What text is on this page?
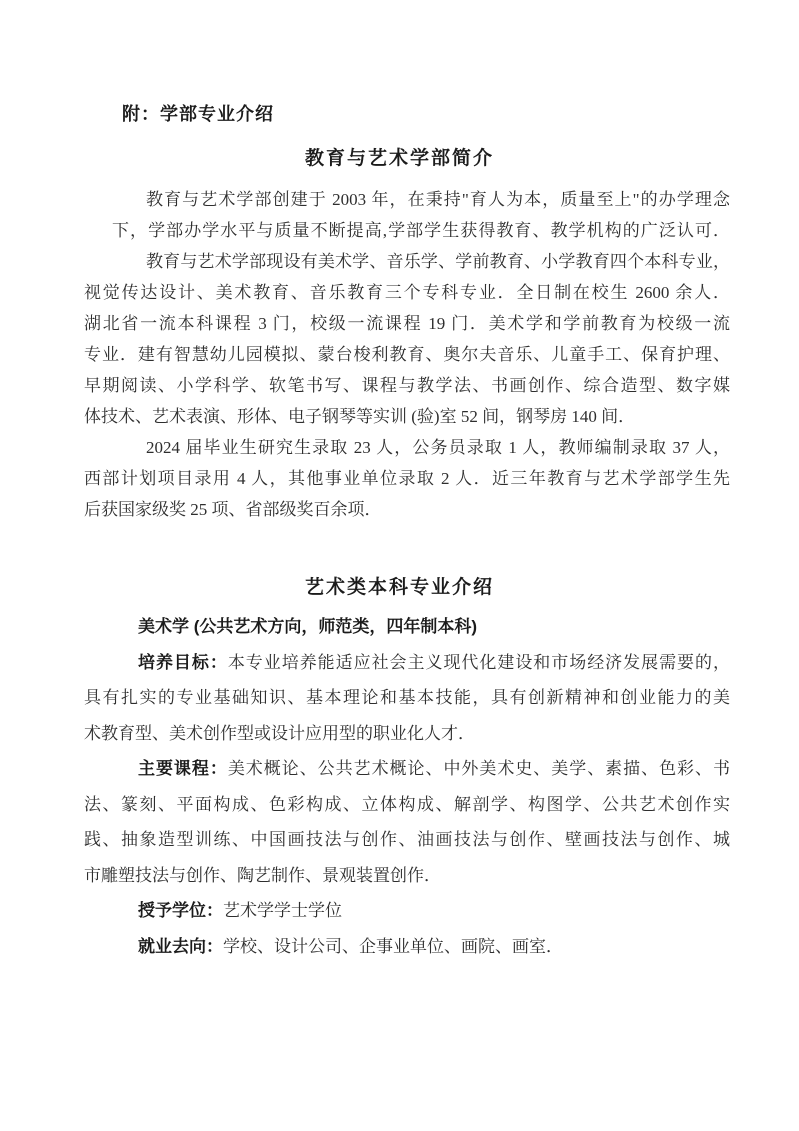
附：学部专业介绍
教育与艺术学部简介
教育与艺术学部创建于 2003 年，在秉持"育人为本，质量至上"的办学理念
下，学部办学水平与质量不断提高,学部学生获得教育、教学机构的广泛认可．
教育与艺术学部现设有美术学、音乐学、学前教育、小学教育四个本科专业，
视觉传达设计、美术教育、音乐教育三个专科专业．全日制在校生 2600 余人．
湖北省一流本科课程 3 门，校级一流课程 19 门．美术学和学前教育为校级一流
专业．建有智慧幼儿园模拟、蒙台梭利教育、奥尔夫音乐、儿童手工、保育护理、
早期阅读、小学科学、软笔书写、课程与教学法、书画创作、综合造型、数字媒
体技术、艺术表演、形体、电子钢琴等实训 (验)室 52 间，钢琴房 140 间．
2024 届毕业生研究生录取 23 人，公务员录取 1 人，教师编制录取 37 人，
西部计划项目录用 4 人，其他事业单位录取 2 人．近三年教育与艺术学部学生先
后获国家级奖 25 项、省部级奖百余项．
艺术类本科专业介绍
美术学 (公共艺术方向，师范类，四年制本科)
培养目标：本专业培养能适应社会主义现代化建设和市场经济发展需要的，
具有扎实的专业基础知识、基本理论和基本技能，具有创新精神和创业能力的美
术教育型、美术创作型或设计应用型的职业化人才．
主要课程：美术概论、公共艺术概论、中外美术史、美学、素描、色彩、书
法、篆刻、平面构成、色彩构成、立体构成、解剖学、构图学、公共艺术创作实
践、抽象造型训练、中国画技法与创作、油画技法与创作、壁画技法与创作、城
市雕塑技法与创作、陶艺制作、景观装置创作．
授予学位：艺术学学士学位
就业去向：学校、设计公司、企事业单位、画院、画室．
